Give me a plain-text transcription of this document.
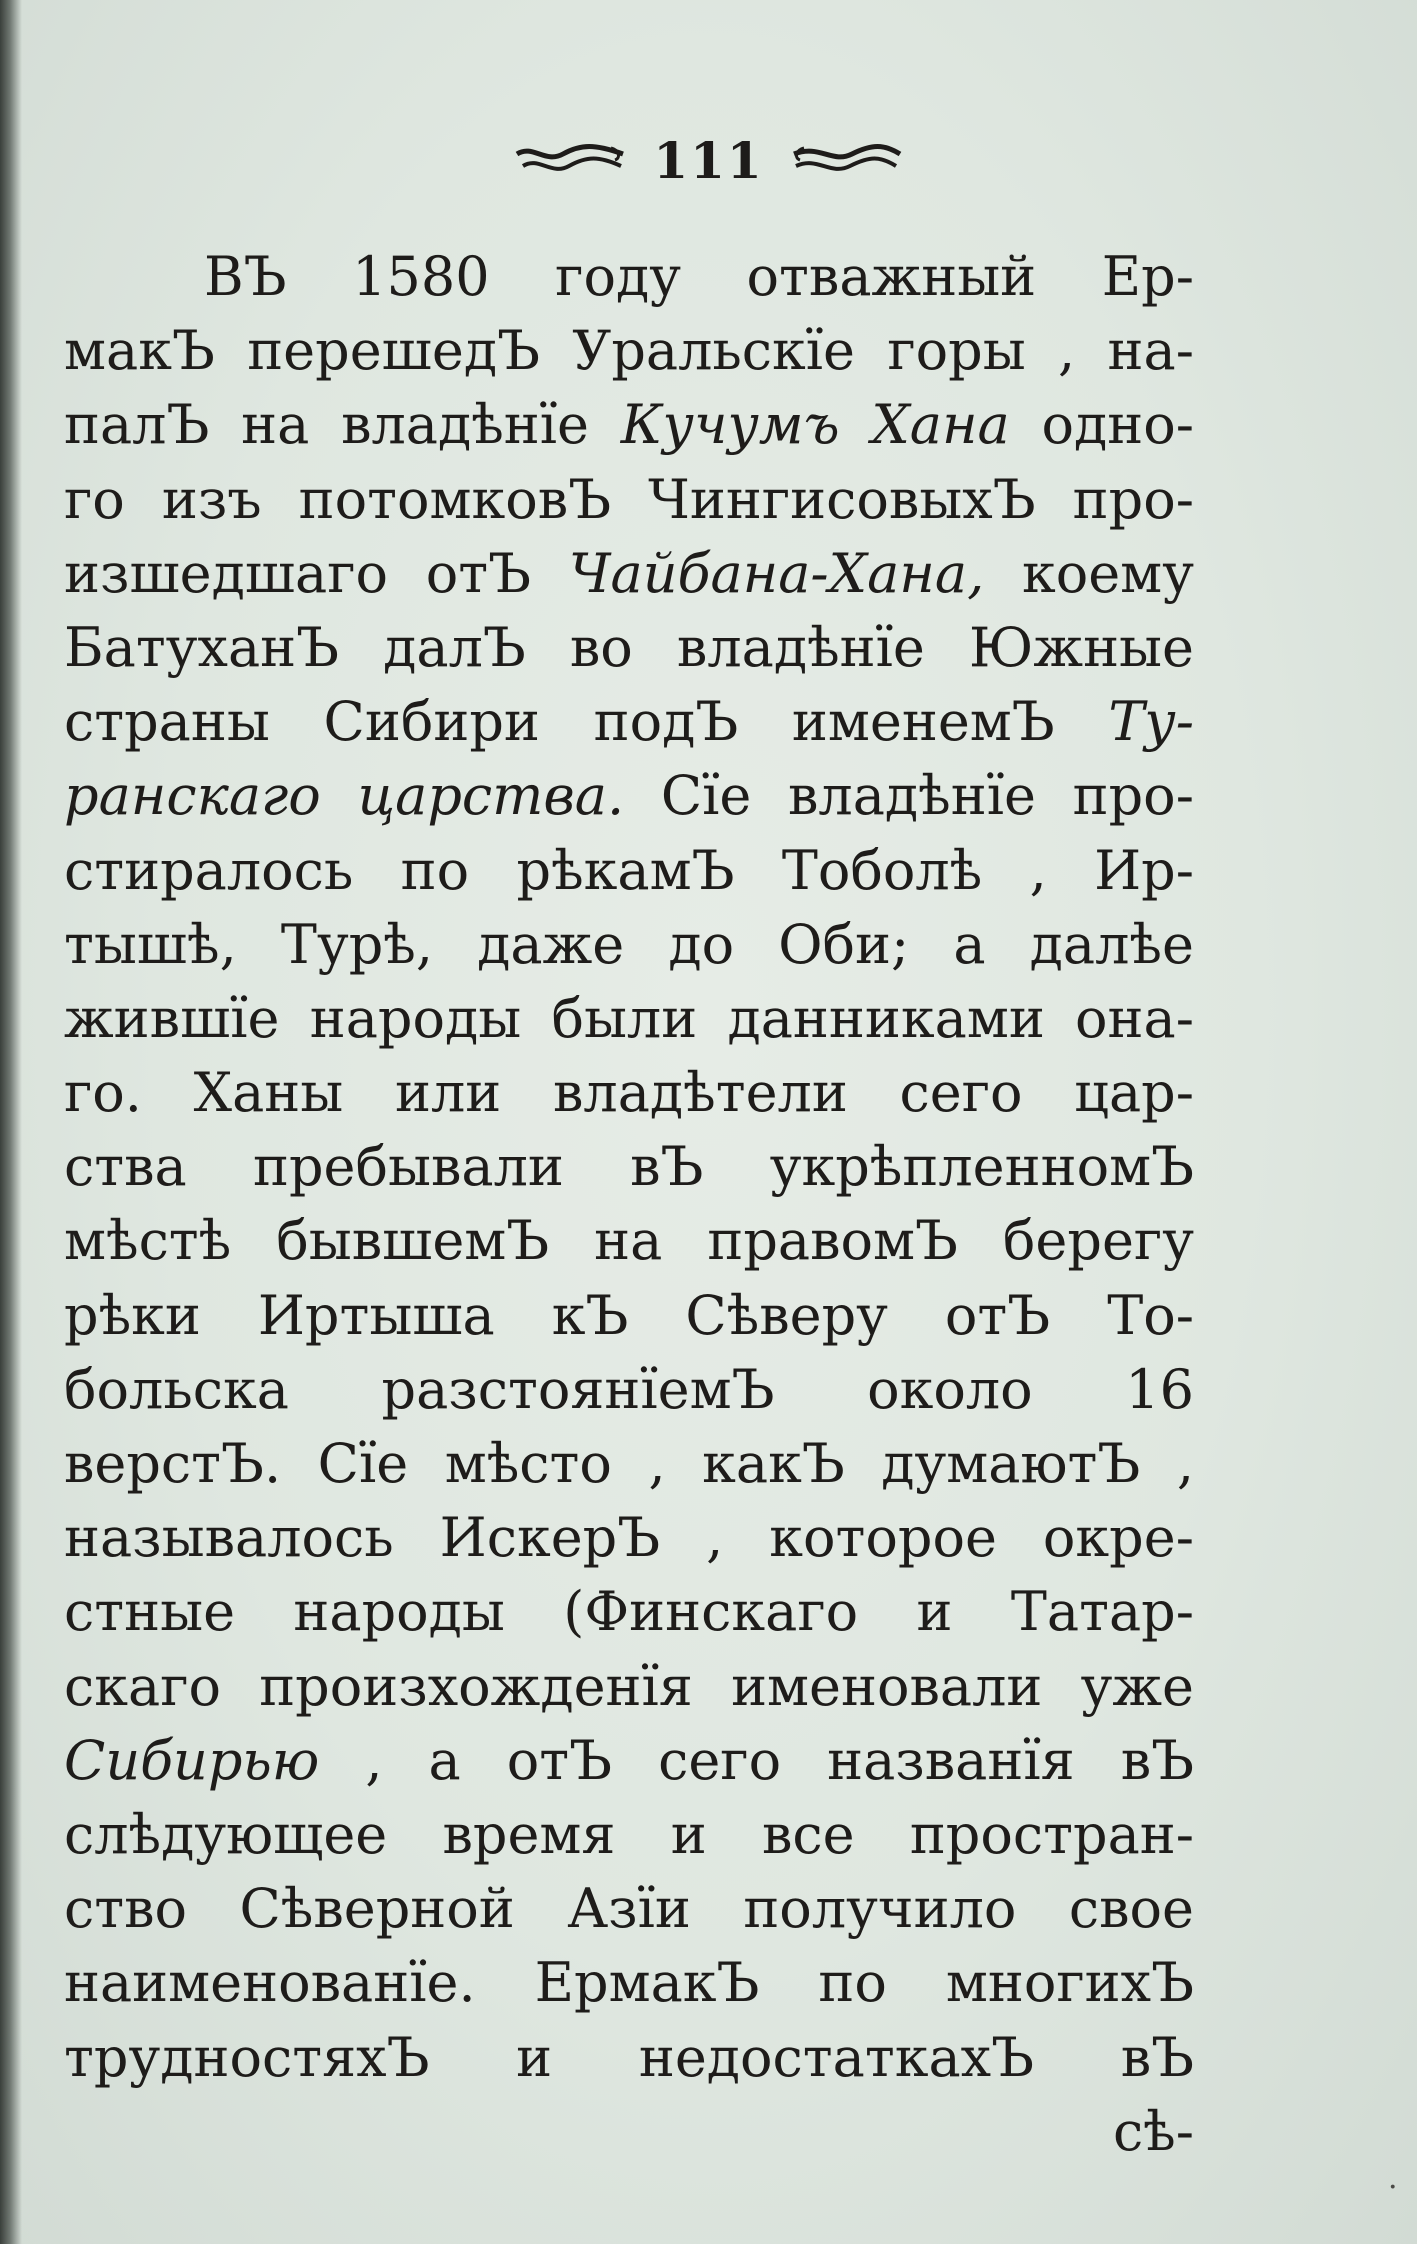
111
ВЪ 1580 году отважный Ер-
макЪ перешедЪ Уральскïе горы , на-
палЪ на владѣнïе Кучумъ Хана одно-
го изъ потомковЪ ЧингисовыхЪ про-
изшедшаго отЪ Чайбана-Хана, коему
БатуханЪ далЪ во владѣнïе Южные
страны Сибири подЪ именемЪ Ту-
ранскаго царства. Сïе владѣнïе про-
стиралось по рѣкамЪ Тоболѣ , Ир-
тышѣ, Турѣ, даже до Оби; а далѣе
жившïе народы были данниками она-
го. Ханы или владѣтели сего цар-
ства пребывали вЪ укрѣпленномЪ
мѣстѣ бывшемЪ на правомЪ берегу
рѣки Иртыша кЪ Сѣверу отЪ То-
больска разстоянïемЪ около 16
верстЪ. Сïе мѣсто , какЪ думаютЪ ,
называлось ИскерЪ , которое окре-
стные народы (Финскаго и Татар-
скаго произхожденïя именовали уже
Сибирью , а отЪ сего названïя вЪ
слѣдующее время и все простран-
ство Сѣверной Азïи получило свое
наименованïе. ЕрмакЪ по многихЪ
трудностяхЪ и недостаткахЪ вЪ
сѣ-
·
